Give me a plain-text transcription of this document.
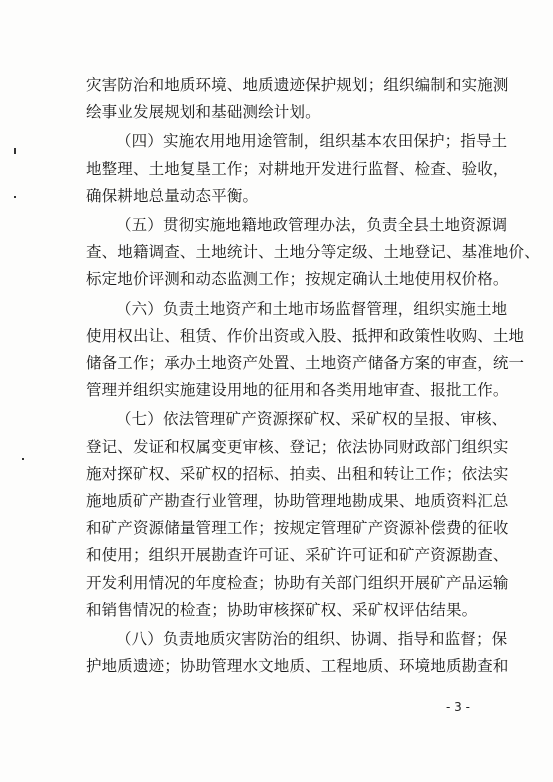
灾害防治和地质环境、地质遗迹保护规划；组织编制和实施测
绘事业发展规划和基础测绘计划。
（四）实施农用地用途管制，组织基本农田保护；指导土
地整理、土地复垦工作；对耕地开发进行监督、检查、验收，
确保耕地总量动态平衡。
（五）贯彻实施地籍地政管理办法，负责全县土地资源调
查、地籍调查、土地统计、土地分等定级、土地登记、基准地价、
标定地价评测和动态监测工作；按规定确认土地使用权价格。
（六）负责土地资产和土地市场监督管理，组织实施土地
使用权出让、租赁、作价出资或入股、抵押和政策性收购、土地
储备工作；承办土地资产处置、土地资产储备方案的审查，统一
管理并组织实施建设用地的征用和各类用地审查、报批工作。
（七）依法管理矿产资源探矿权、采矿权的呈报、审核、
登记、发证和权属变更审核、登记；依法协同财政部门组织实
施对探矿权、采矿权的招标、拍卖、出租和转让工作；依法实
施地质矿产勘查行业管理，协助管理地勘成果、地质资料汇总
和矿产资源储量管理工作；按规定管理矿产资源补偿费的征收
和使用；组织开展勘查许可证、采矿许可证和矿产资源勘查、
开发利用情况的年度检查；协助有关部门组织开展矿产品运输
和销售情况的检查；协助审核探矿权、采矿权评估结果。
（八）负责地质灾害防治的组织、协调、指导和监督；保
护地质遗迹；协助管理水文地质、工程地质、环境地质勘查和
- 3 -
